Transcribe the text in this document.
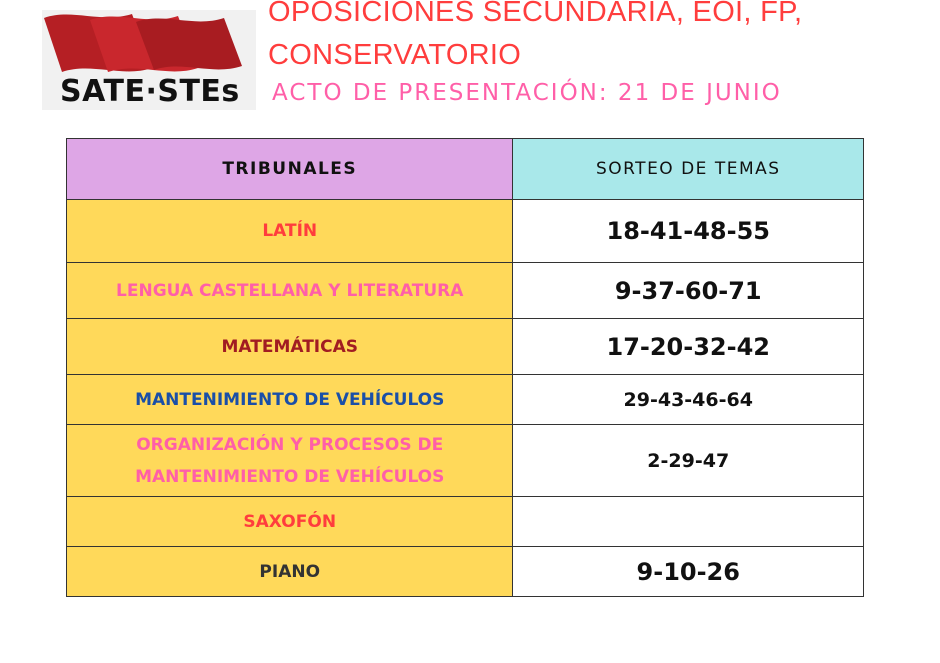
SATE·STEs
OPOSICIONES SECUNDARIA, EOI, FP,
CONSERVATORIO
ACTO DE PRESENTACIÓN: 21 DE JUNIO
TRIBUNALES	SORTEO DE TEMAS
LATÍN	18-41-48-55
LENGUA CASTELLANA Y LITERATURA	9-37-60-71
MATEMÁTICAS	17-20-32-42
MANTENIMIENTO DE VEHÍCULOS	29-43-46-64

ORGANIZACIÓN Y PROCESOS DE
MANTENIMIENTO DE VEHÍCULOS	2-29-47
SAXOFÓN	
PIANO	9-10-26
